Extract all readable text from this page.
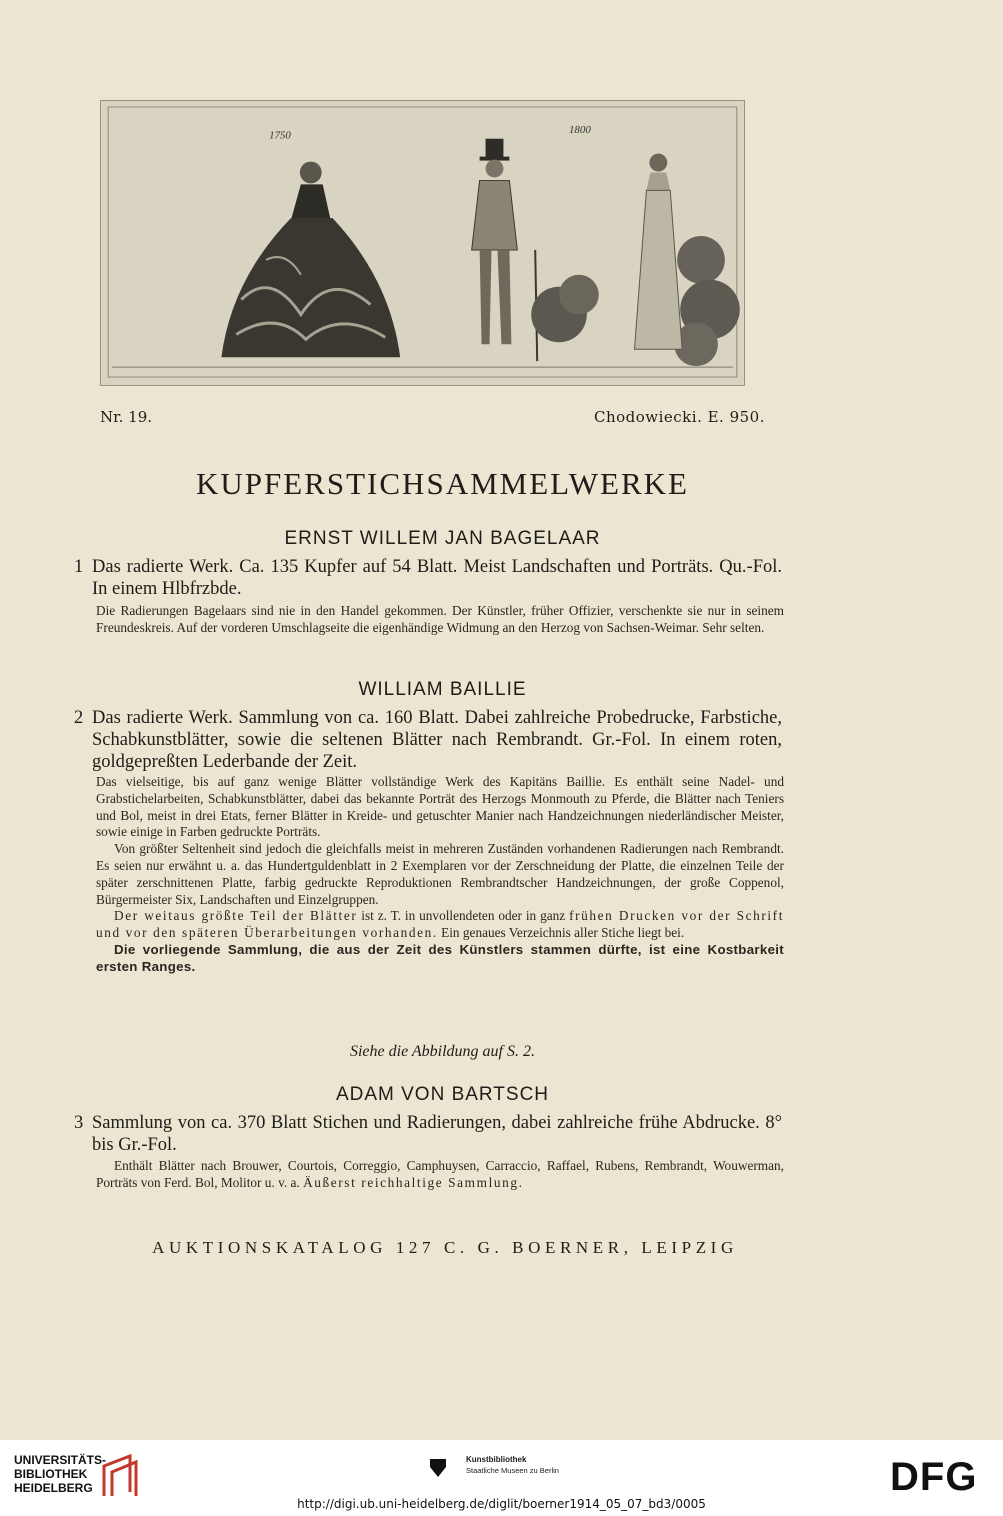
1750	1800
Nr. 19.	Chodowiecki. E. 950.
KUPFERSTICHSAMMELWERKE
ERNST WILLEM JAN BAGELAAR
1 Das radierte Werk. Ca. 135 Kupfer auf 54 Blatt. Meist Landschaften und Porträts. Qu.-Fol. In einem Hlbfrzbde.

Die Radierungen Bagelaars sind nie in den Handel gekommen. Der Künstler, früher Offizier, verschenkte sie nur in seinem Freundeskreis. Auf der vorderen Umschlagseite die eigenhändige Widmung an den Herzog von Sachsen-Weimar. Sehr selten.

WILLIAM BAILLIE
2 Das radierte Werk. Sammlung von ca. 160 Blatt. Dabei zahlreiche Probedrucke, Farbstiche, Schabkunstblätter, sowie die seltenen Blätter nach Rembrandt. Gr.-Fol. In einem roten, goldgepreßten Lederbande der Zeit.

Das vielseitige, bis auf ganz wenige Blätter vollständige Werk des Kapitäns Baillie. Es enthält seine Nadel- und Grabstichelarbeiten, Schabkunstblätter, dabei das bekannte Porträt des Herzogs Monmouth zu Pferde, die Blätter nach Teniers und Bol, meist in drei Etats, ferner Blätter in Kreide- und getuschter Manier nach Handzeichnungen niederländischer Meister, sowie einige in Farben gedruckte Porträts.

Von größter Seltenheit sind jedoch die gleichfalls meist in mehreren Zuständen vorhandenen Radierungen nach Rembrandt. Es seien nur erwähnt u. a. das Hundertguldenblatt in 2 Exemplaren vor der Zerschneidung der Platte, die einzelnen Teile der später zerschnittenen Platte, farbig gedruckte Reproduktionen Rembrandtscher Handzeichnungen, der große Coppenol, Bürgermeister Six, Landschaften und Einzelgruppen.

Der weitaus größte Teil der Blätter ist z. T. in unvollendeten oder in ganz frühen Drucken vor der Schrift und vor den späteren Überarbeitungen vorhanden. Ein genaues Verzeichnis aller Stiche liegt bei.

Die vorliegende Sammlung, die aus der Zeit des Künstlers stammen dürfte, ist eine Kostbarkeit ersten Ranges.

Siehe die Abbildung auf S. 2.
ADAM VON BARTSCH
3 Sammlung von ca. 370 Blatt Stichen und Radierungen, dabei zahlreiche frühe Abdrucke. 8° bis Gr.-Fol.

Enthält Blätter nach Brouwer, Courtois, Correggio, Camphuysen, Carraccio, Raffael, Rubens, Rembrandt, Wouwerman, Porträts von Ferd. Bol, Molitor u. v. a. Äußerst reichhaltige Sammlung.

AUKTIONSKATALOG 127 C. G. BOERNER, LEIPZIG
UNIVERSITÄTS-
BIBLIOTHEK
HEIDELBERG
Kunstbibliothek
Staatliche Museen zu Berlin	DFG
http://digi.ub.uni-heidelberg.de/diglit/boerner1914_05_07_bd3/0005
